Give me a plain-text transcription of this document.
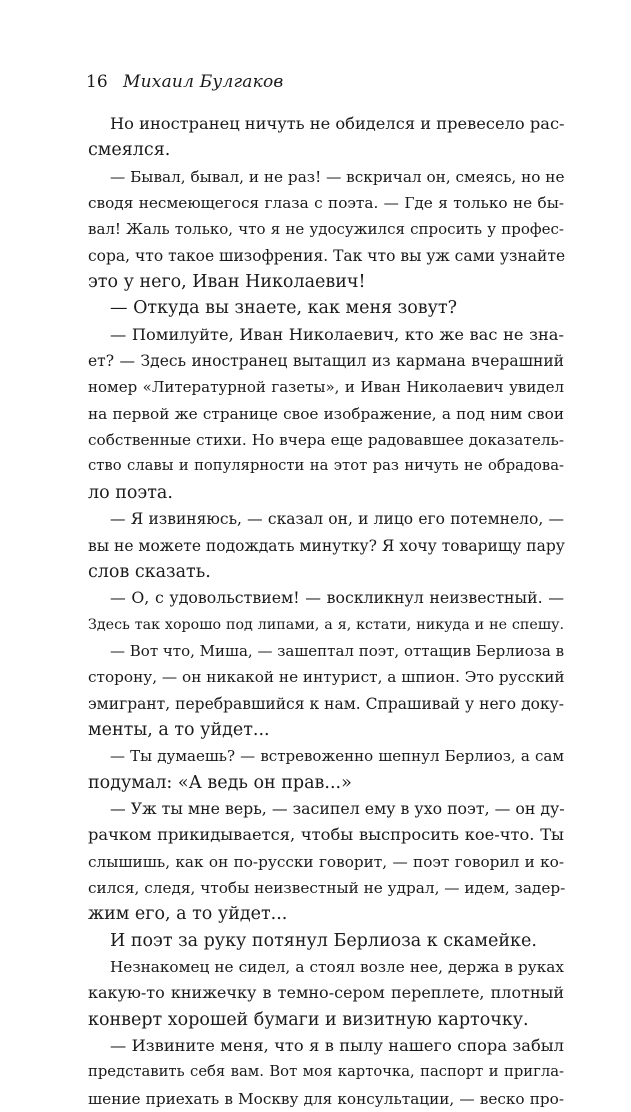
16 Михаил Булгаков
Но иностранец ничуть не обиделся и превесело рас-
смеялся.
— Бывал, бывал, и не раз! — вскричал он, смеясь, но не
сводя несмеющегося глаза с поэта. — Где я только не бы-
вал! Жаль только, что я не удосужился спросить у профес-
сора, что такое шизофрения. Так что вы уж сами узнайте
это у него, Иван Николаевич!
— Откуда вы знаете, как меня зовут?
— Помилуйте, Иван Николаевич, кто же вас не зна-
ет? — Здесь иностранец вытащил из кармана вчерашний
номер «Литературной газеты», и Иван Николаевич увидел
на первой же странице свое изображение, а под ним свои
собственные стихи. Но вчера еще радовавшее доказатель-
ство славы и популярности на этот раз ничуть не обрадова-
ло поэта.
— Я извиняюсь, — сказал он, и лицо его потемнело, —
вы не можете подождать минутку? Я хочу товарищу пару
слов сказать.
— О, с удовольствием! — воскликнул неизвестный. —
Здесь так хорошо под липами, а я, кстати, никуда и не спешу.
— Вот что, Миша, — зашептал поэт, оттащив Берлиоза в
сторону, — он никакой не интурист, а шпион. Это русский
эмигрант, перебравшийся к нам. Спрашивай у него доку-
менты, а то уйдет...
— Ты думаешь? — встревоженно шепнул Берлиоз, а сам
подумал: «А ведь он прав...»
— Уж ты мне верь, — засипел ему в ухо поэт, — он ду-
рачком прикидывается, чтобы выспросить кое-что. Ты
слышишь, как он по-русски говорит, — поэт говорил и ко-
сился, следя, чтобы неизвестный не удрал, — идем, задер-
жим его, а то уйдет...
И поэт за руку потянул Берлиоза к скамейке.
Незнакомец не сидел, а стоял возле нее, держа в руках
какую-то книжечку в темно-сером переплете, плотный
конверт хорошей бумаги и визитную карточку.
— Извините меня, что я в пылу нашего спора забыл
представить себя вам. Вот моя карточка, паспорт и пригла-
шение приехать в Москву для консультации, — веско про-
